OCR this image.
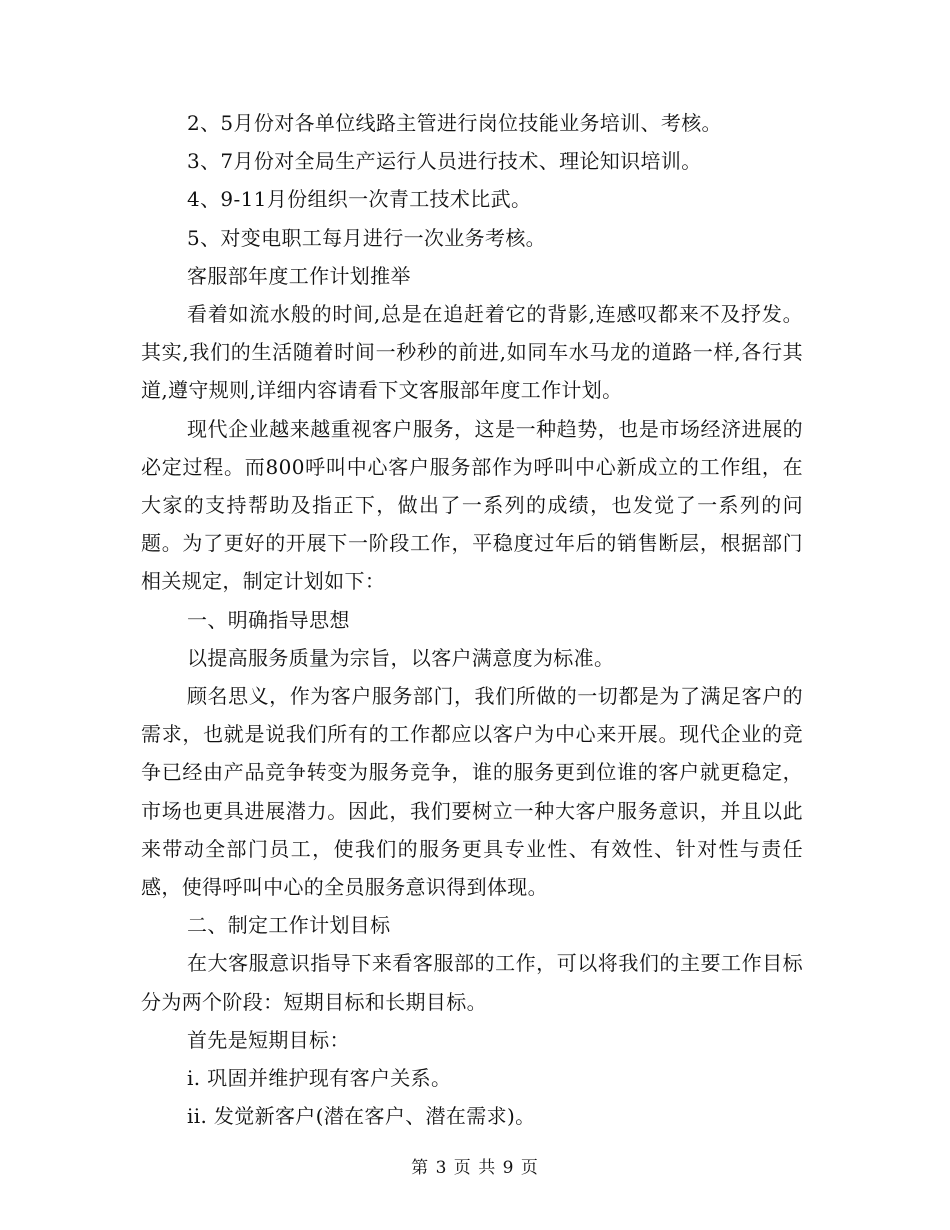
2、5月份对各单位线路主管进行岗位技能业务培训、考核。

3、7月份对全局生产运行人员进行技术、理论知识培训。

4、9-11月份组织一次青工技术比武。

5、对变电职工每月进行一次业务考核。

客服部年度工作计划推举

看着如流水般的时间,总是在追赶着它的背影,连感叹都来不及抒发。其实,我们的生活随着时间一秒秒的前进,如同车水马龙的道路一样,各行其道,遵守规则,详细内容请看下文客服部年度工作计划。

现代企业越来越重视客户服务，这是一种趋势，也是市场经济进展的必定过程。而800呼叫中心客户服务部作为呼叫中心新成立的工作组，在大家的支持帮助及指正下，做出了一系列的成绩，也发觉了一系列的问题。为了更好的开展下一阶段工作，平稳度过年后的销售断层，根据部门相关规定，制定计划如下：

一、明确指导思想

以提高服务质量为宗旨，以客户满意度为标准。

顾名思义，作为客户服务部门，我们所做的一切都是为了满足客户的需求，也就是说我们所有的工作都应以客户为中心来开展。现代企业的竞争已经由产品竞争转变为服务竞争，谁的服务更到位谁的客户就更稳定，市场也更具进展潜力。因此，我们要树立一种大客户服务意识，并且以此来带动全部门员工，使我们的服务更具专业性、有效性、针对性与责任感，使得呼叫中心的全员服务意识得到体现。

二、制定工作计划目标

在大客服意识指导下来看客服部的工作，可以将我们的主要工作目标分为两个阶段：短期目标和长期目标。

首先是短期目标：

i. 巩固并维护现有客户关系。

ii. 发觉新客户(潜在客户、潜在需求)。

第 3 页 共 9 页
